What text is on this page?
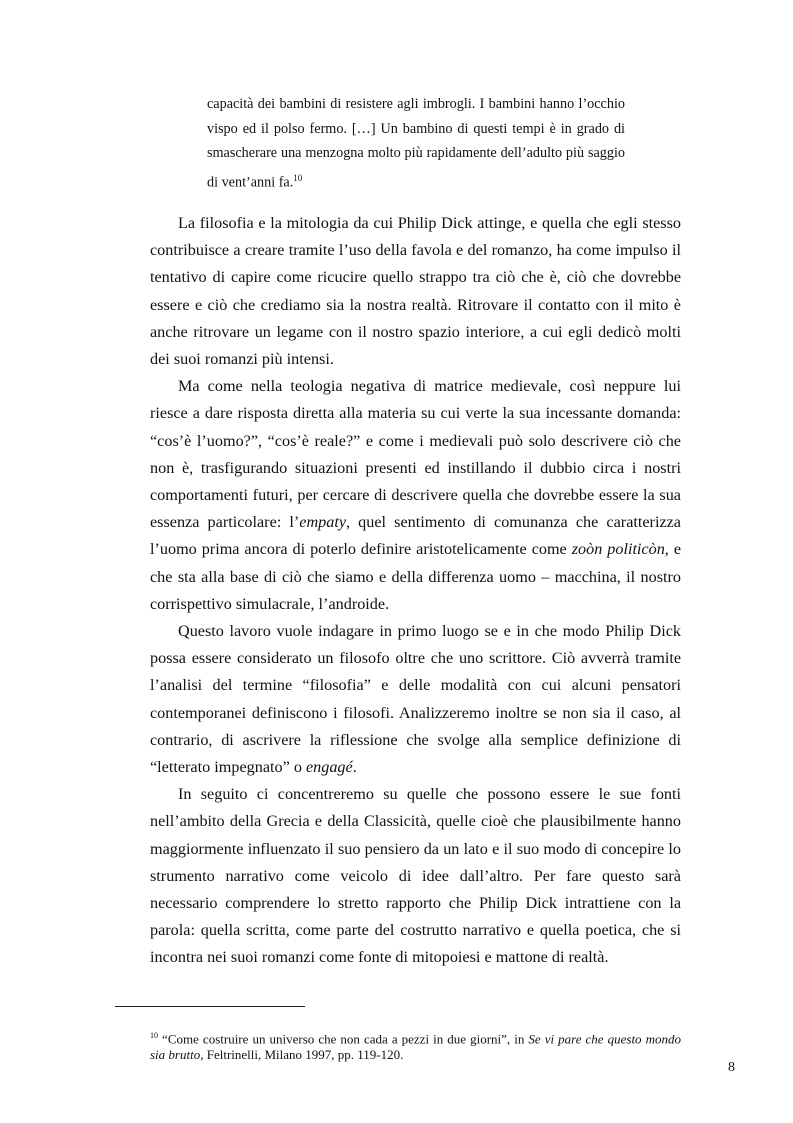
capacità dei bambini di resistere agli imbrogli. I bambini hanno l’occhio vispo ed il polso fermo. […] Un bambino di questi tempi è in grado di smascherare una menzogna molto più rapidamente dell’adulto più saggio di vent’anni fa.$^{10}$

La filosofia e la mitologia da cui Philip Dick attinge, e quella che egli stesso contribuisce a creare tramite l’uso della favola e del romanzo, ha come impulso il tentativo di capire come ricucire quello strappo tra ciò che è, ciò che dovrebbe essere e ciò che crediamo sia la nostra realtà. Ritrovare il contatto con il mito è anche ritrovare un legame con il nostro spazio interiore, a cui egli dedicò molti dei suoi romanzi più intensi.

Ma come nella teologia negativa di matrice medievale, così neppure lui riesce a dare risposta diretta alla materia su cui verte la sua incessante domanda: “cos’è l’uomo?”, “cos’è reale?” e come i medievali può solo descrivere ciò che non è, trasfigurando situazioni presenti ed instillando il dubbio circa i nostri comportamenti futuri, per cercare di descrivere quella che dovrebbe essere la sua essenza particolare: l’empaty, quel sentimento di comunanza che caratterizza l’uomo prima ancora di poterlo definire aristotelicamente come zoòn politicòn, e che sta alla base di ciò che siamo e della differenza uomo – macchina, il nostro corrispettivo simulacrale, l’androide.

Questo lavoro vuole indagare in primo luogo se e in che modo Philip Dick possa essere considerato un filosofo oltre che uno scrittore. Ciò avverrà tramite l’analisi del termine “filosofia” e delle modalità con cui alcuni pensatori contemporanei definiscono i filosofi. Analizzeremo inoltre se non sia il caso, al contrario, di ascrivere la riflessione che svolge alla semplice definizione di “letterato impegnato” o engagé.

In seguito ci concentreremo su quelle che possono essere le sue fonti nell’ambito della Grecia e della Classicità, quelle cioè che plausibilmente hanno maggiormente influenzato il suo pensiero da un lato e il suo modo di concepire lo strumento narrativo come veicolo di idee dall’altro. Per fare questo sarà necessario comprendere lo stretto rapporto che Philip Dick intrattiene con la parola: quella scritta, come parte del costrutto narrativo e quella poetica, che si incontra nei suoi romanzi come fonte di mitopoiesi e mattone di realtà.

$^{10}$ “Come costruire un universo che non cada a pezzi in due giorni”, in Se vi pare che questo mondo sia brutto, Feltrinelli, Milano 1997, pp. 119-120.
8
